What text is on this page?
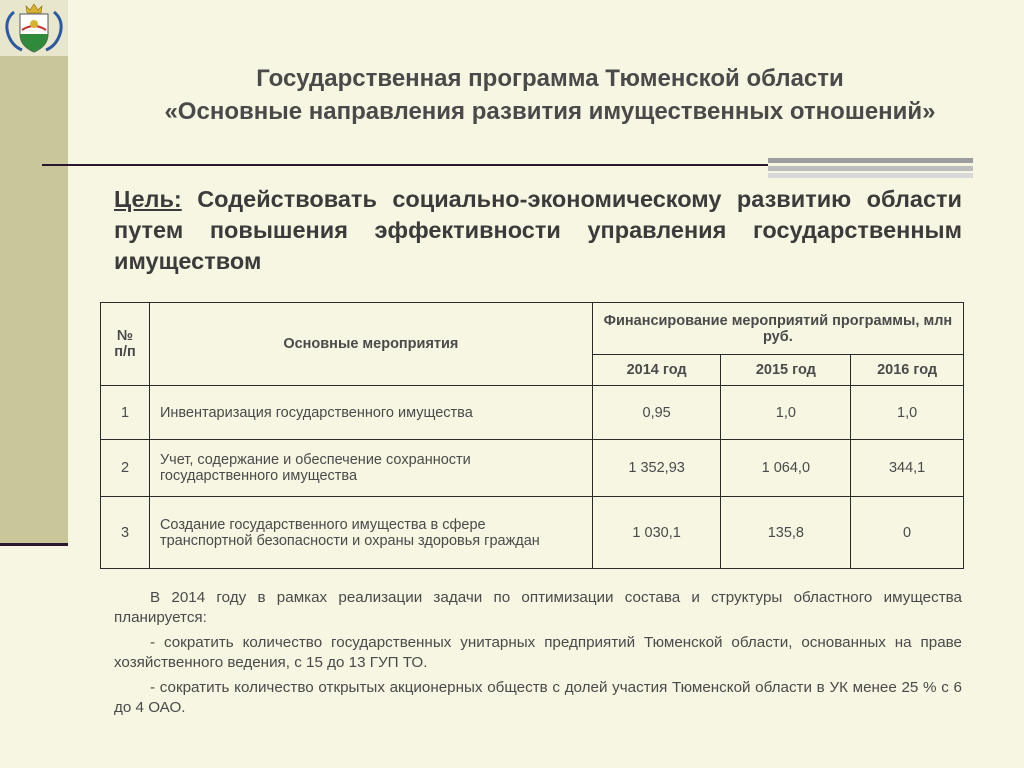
Государственная программа Тюменской области
«Основные направления развития имущественных отношений»
Цель: Содействовать социально-экономическому развитию области путем повышения эффективности управления государственным имуществом
№ п/п	Основные мероприятия	Финансирование мероприятий программы, млн руб.		
		2014 год	2015 год	2016 год
1	Инвентаризация государственного имущества	0,95	1,0	1,0
2	Учет, содержание и обеспечение сохранности государственного имущества	1 352,93	1 064,0	344,1
3	Создание государственного имущества в сфере транспортной безопасности и охраны здоровья граждан	1 030,1	135,8	0

В 2014 году в рамках реализации задачи по оптимизации состава и структуры областного имущества планируется:

- сократить количество государственных унитарных предприятий Тюменской области, основанных на праве хозяйственного ведения, с 15 до 13 ГУП ТО.

- сократить количество открытых акционерных обществ с долей участия Тюменской области в УК менее 25 % с 6 до 4 ОАО.
